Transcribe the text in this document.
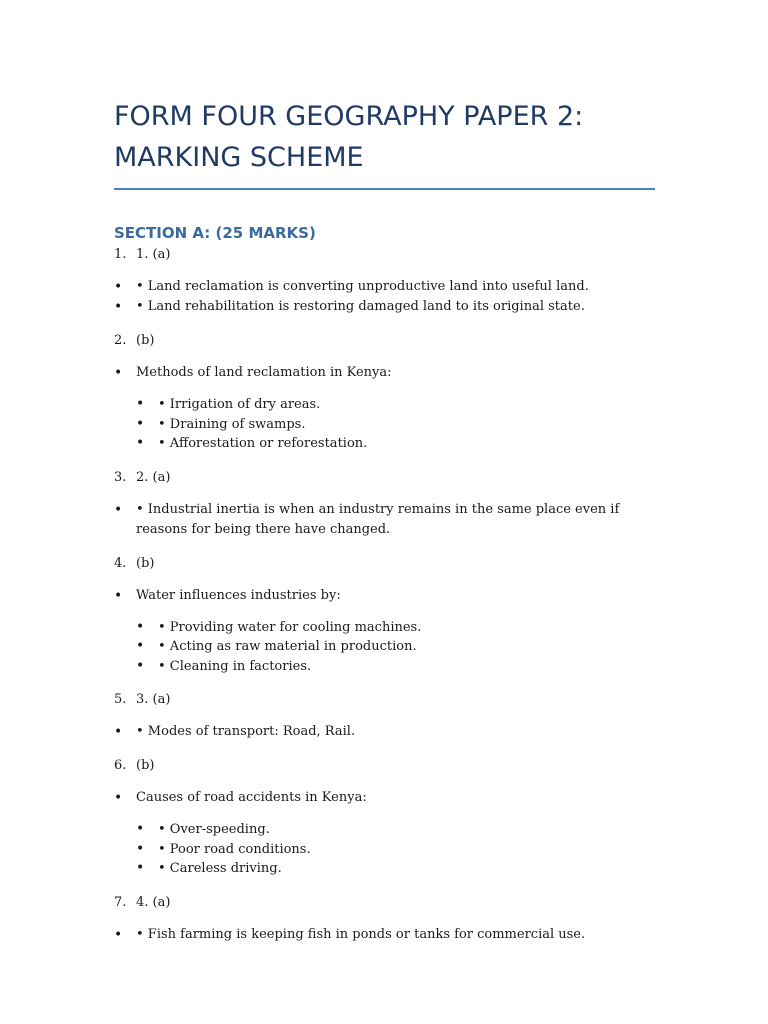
FORM FOUR GEOGRAPHY PAPER 2: MARKING SCHEME
SECTION A: (25 MARKS)
1. 1. (a)
• • Land reclamation is converting unproductive land into useful land.
• • Land rehabilitation is restoring damaged land to its original state.
2. (b)
• Methods of land reclamation in Kenya:
• • Irrigation of dry areas.
• • Draining of swamps.
• • Afforestation or reforestation.
3. 2. (a)
• • Industrial inertia is when an industry remains in the same place even if reasons for being there have changed.
4. (b)
• Water influences industries by:
• • Providing water for cooling machines.
• • Acting as raw material in production.
• • Cleaning in factories.
5. 3. (a)
• • Modes of transport: Road, Rail.
6. (b)
• Causes of road accidents in Kenya:
• • Over-speeding.
• • Poor road conditions.
• • Careless driving.
7. 4. (a)
• • Fish farming is keeping fish in ponds or tanks for commercial use.
